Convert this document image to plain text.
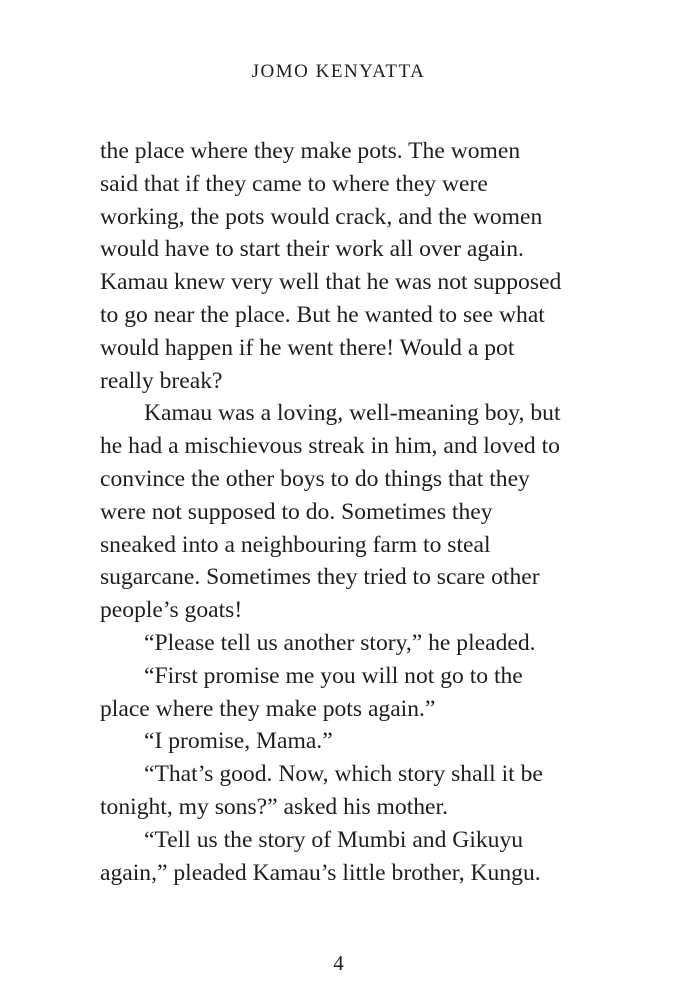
JOMO KENYATTA

the place where they make pots. The women
said that if they came to where they were
working, the pots would crack, and the women
would have to start their work all over again.
Kamau knew very well that he was not supposed
to go near the place. But he wanted to see what
would happen if he went there! Would a pot
really break?

Kamau was a loving, well-meaning boy, but
he had a mischievous streak in him, and loved to
convince the other boys to do things that they
were not supposed to do. Sometimes they
sneaked into a neighbouring farm to steal
sugarcane. Sometimes they tried to scare other
people’s goats!

“Please tell us another story,” he pleaded.

“First promise me you will not go to the
place where they make pots again.”

“I promise, Mama.”

“That’s good. Now, which story shall it be
tonight, my sons?” asked his mother.

“Tell us the story of Mumbi and Gikuyu
again,” pleaded Kamau’s little brother, Kungu.

4
